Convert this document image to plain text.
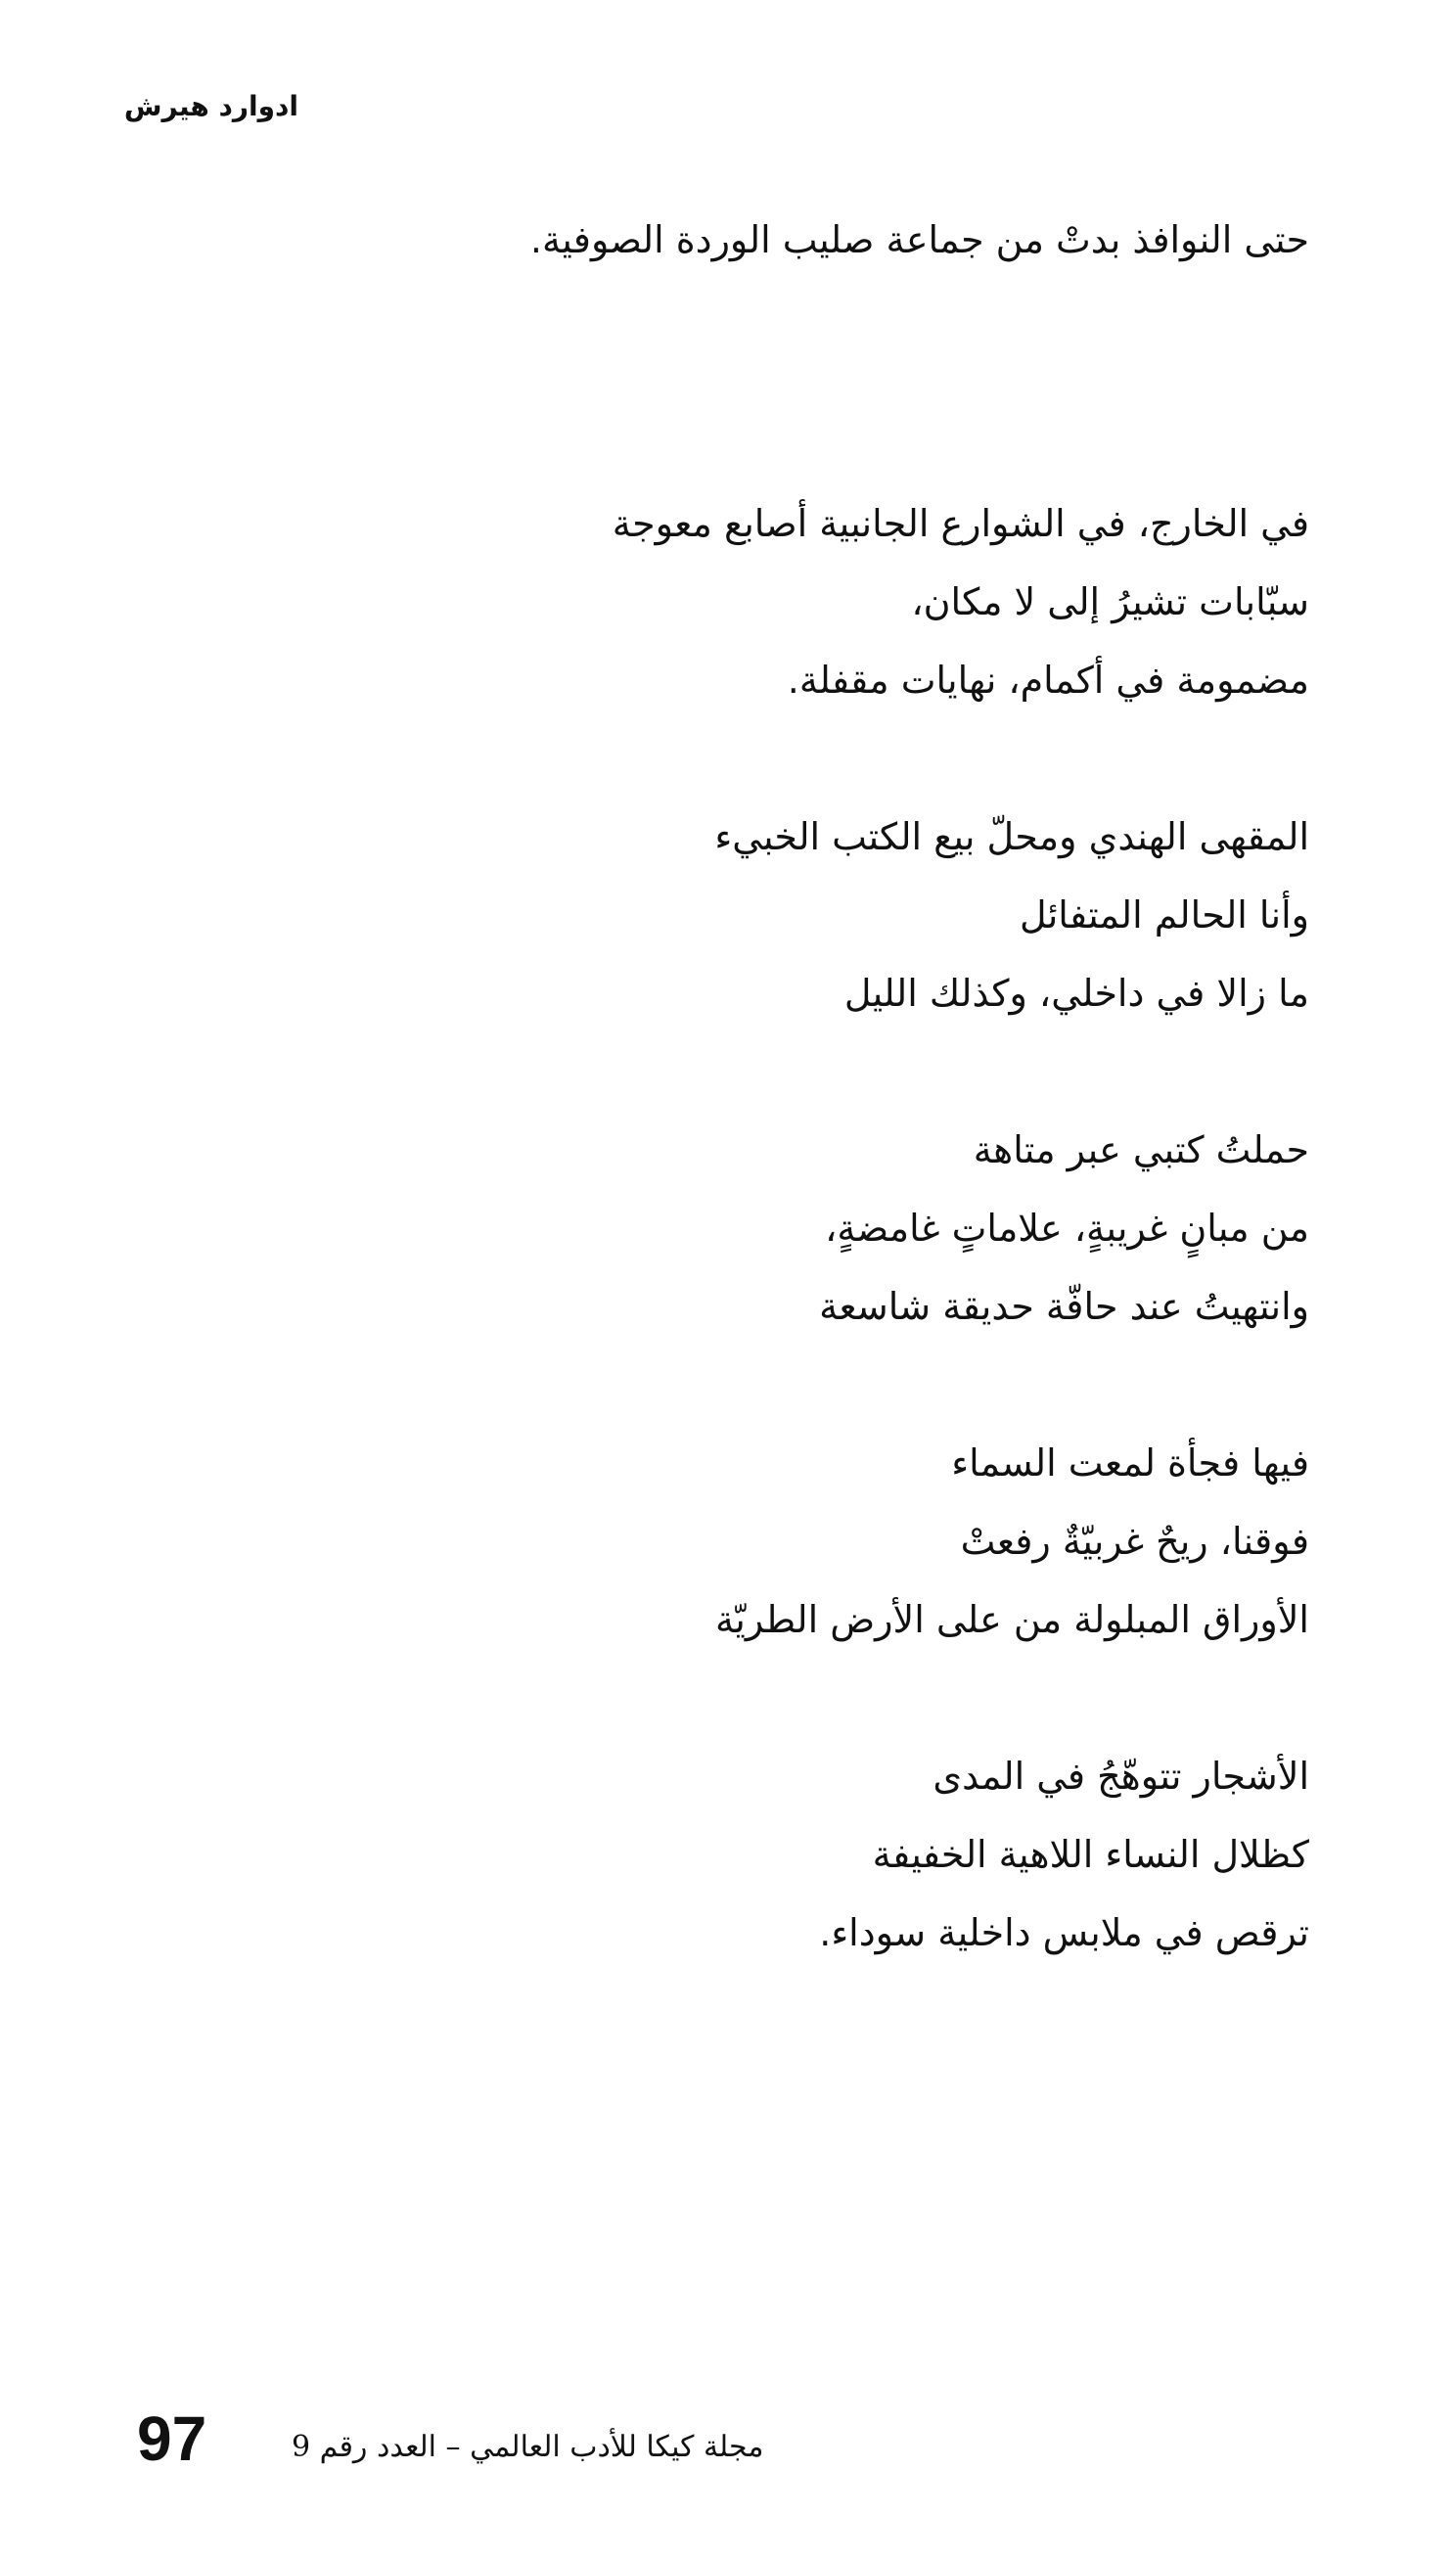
ادوارد هيرش
حتى النوافذ بدتْ من جماعة صليب الوردة الصوفية.
في الخارج، في الشوارع الجانبية أصابع معوجة
سبّابات تشيرُ إلى لا مكان،
مضمومة في أكمام، نهايات مقفلة.
المقهى الهندي ومحلّ بيع الكتب الخبيء
وأنا الحالم المتفائل
ما زالا في داخلي، وكذلك الليل
حملتُ كتبي عبر متاهة
من مبانٍ غريبةٍ، علاماتٍ غامضةٍ،
وانتهيتُ عند حافّة حديقة شاسعة
فيها فجأة لمعت السماء
فوقنا، ريحٌ غربيّةٌ رفعتْ
الأوراق المبلولة من على الأرض الطريّة
الأشجار تتوهّجُ في المدى
كظلال النساء اللاهية الخفيفة
ترقص في ملابس داخلية سوداء.
مجلة كيكا للأدب العالمي – العدد رقم 9
97
